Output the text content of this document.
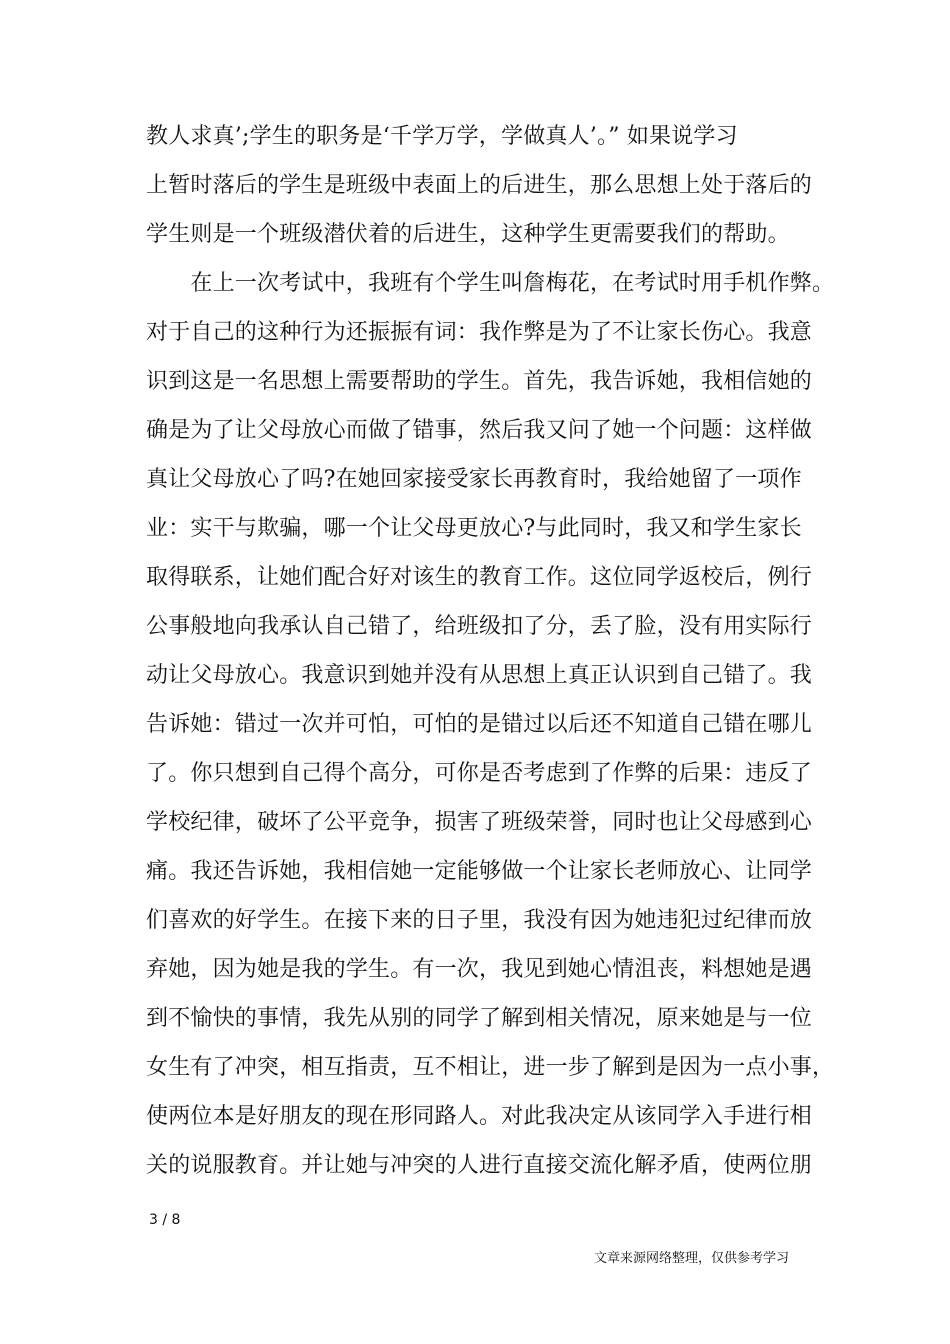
教人求真’;学生的职务是‘千学万学，学做真人’。” 如果说学习
上暂时落后的学生是班级中表面上的后进生，那么思想上处于落后的
学生则是一个班级潜伏着的后进生，这种学生更需要我们的帮助。
　　在上一次考试中，我班有个学生叫詹梅花，在考试时用手机作弊。
对于自己的这种行为还振振有词：我作弊是为了不让家长伤心。我意
识到这是一名思想上需要帮助的学生。首先，我告诉她，我相信她的
确是为了让父母放心而做了错事，然后我又问了她一个问题：这样做
真让父母放心了吗?在她回家接受家长再教育时，我给她留了一项作
业：实干与欺骗，哪一个让父母更放心?与此同时，我又和学生家长
取得联系，让她们配合好对该生的教育工作。这位同学返校后，例行
公事般地向我承认自己错了，给班级扣了分，丢了脸，没有用实际行
动让父母放心。我意识到她并没有从思想上真正认识到自己错了。我
告诉她：错过一次并可怕，可怕的是错过以后还不知道自己错在哪儿
了。你只想到自己得个高分，可你是否考虑到了作弊的后果：违反了
学校纪律，破坏了公平竞争，损害了班级荣誉，同时也让父母感到心
痛。我还告诉她，我相信她一定能够做一个让家长老师放心、让同学
们喜欢的好学生。在接下来的日子里，我没有因为她违犯过纪律而放
弃她，因为她是我的学生。有一次，我见到她心情沮丧，料想她是遇
到不愉快的事情，我先从别的同学了解到相关情况，原来她是与一位
女生有了冲突，相互指责，互不相让，进一步了解到是因为一点小事，
使两位本是好朋友的现在形同路人。对此我决定从该同学入手进行相
关的说服教育。并让她与冲突的人进行直接交流化解矛盾，使两位朋
3 / 8
文章来源网络整理，仅供参考学习
